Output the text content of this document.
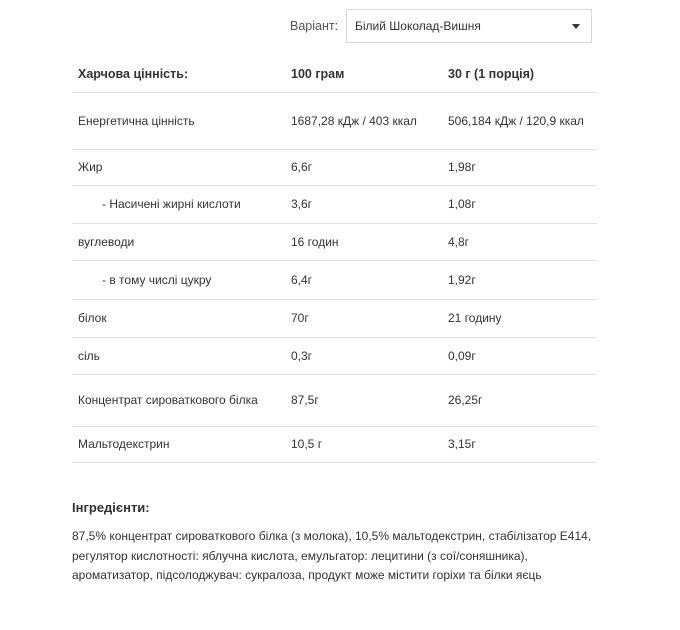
Варіант:	Білий Шоколад-Вишня
Харчова цінність:	100 грам	30 г (1 порція)
Енергетична цінність	1687,28 кДж / 403 ккал	506,184 кДж / 120,9 ккал
Жир	6,6г	1,98г
- Насичені жирні кислоти	3,6г	1,08г
вуглеводи	16 годин	4,8г
- в тому числі цукру	6,4г	1,92г
білок	70г	21 годину
сіль	0,3г	0,09г
Концентрат сироваткового білка	87,5г	26,25г
Мальтодекстрин	10,5 г	3,15г
Інгредієнти:
87,5% концентрат сироваткового білка (з молока), 10,5% мальтодекстрин, стабілізатор E414, регулятор кислотності: яблучна кислота, емульгатор: лецитини (з сої/соняшника), ароматизатор, підсолоджувач: сукралоза, продукт може містити горіхи та білки яєць
